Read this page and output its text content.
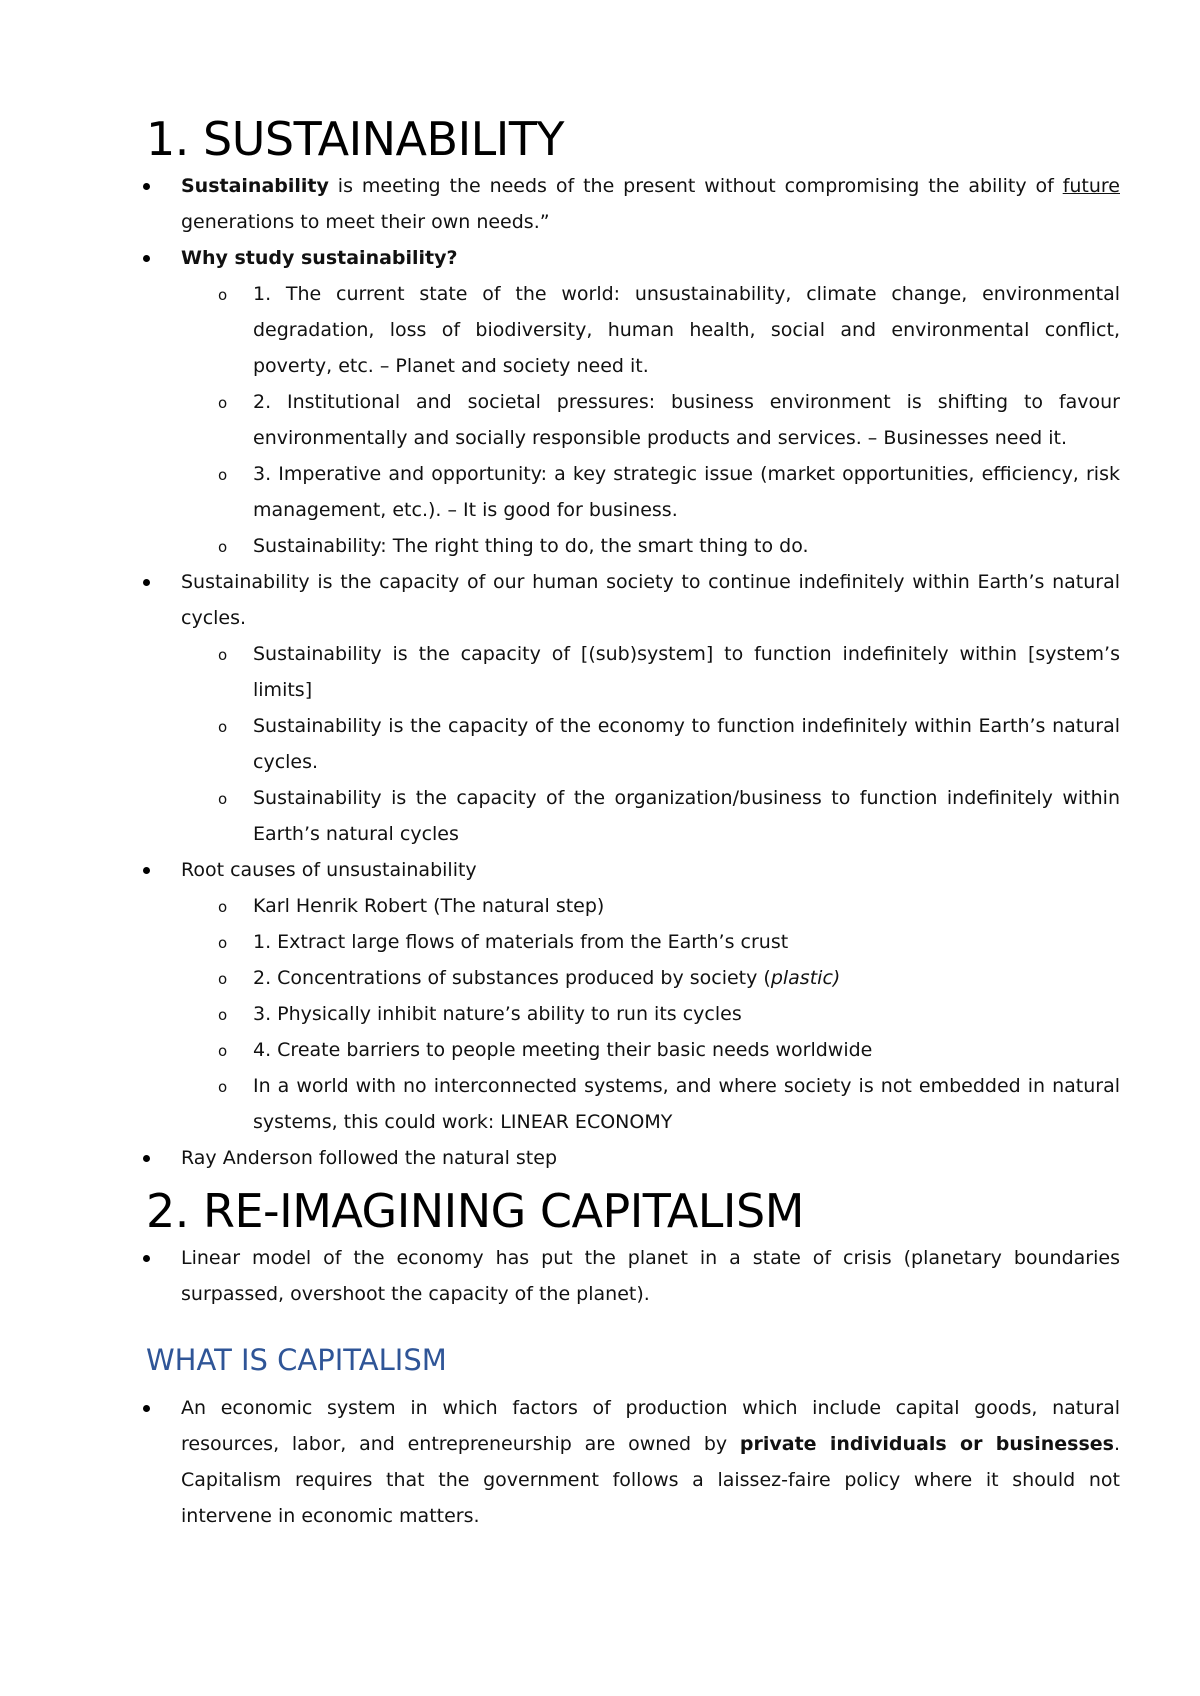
1. SUSTAINABILITY
Sustainability is meeting the needs of the present without compromising the ability of future generations to meet their own needs.”
Why study sustainability?
o 1. The current state of the world: unsustainability, climate change, environmental degradation, loss of biodiversity, human health, social and environmental conflict, poverty, etc. – Planet and society need it.
o 2. Institutional and societal pressures: business environment is shifting to favour environmentally and socially responsible products and services. – Businesses need it.
o 3. Imperative and opportunity: a key strategic issue (market opportunities, efficiency, risk management, etc.). – It is good for business.
o Sustainability: The right thing to do, the smart thing to do.
Sustainability is the capacity of our human society to continue indefinitely within Earth’s natural cycles.
o Sustainability is the capacity of [(sub)system] to function indefinitely within [system’s limits]
o Sustainability is the capacity of the economy to function indefinitely within Earth’s natural cycles.
o Sustainability is the capacity of the organization/business to function indefinitely within Earth’s natural cycles
Root causes of unsustainability
o Karl Henrik Robert (The natural step)
o 1. Extract large flows of materials from the Earth’s crust
o 2. Concentrations of substances produced by society (plastic)
o 3. Physically inhibit nature’s ability to run its cycles
o 4. Create barriers to people meeting their basic needs worldwide
o In a world with no interconnected systems, and where society is not embedded in natural systems, this could work: LINEAR ECONOMY
Ray Anderson followed the natural step
2. RE-IMAGINING CAPITALISM
Linear model of the economy has put the planet in a state of crisis (planetary boundaries surpassed, overshoot the capacity of the planet).
WHAT IS CAPITALISM
An economic system in which factors of production which include capital goods, natural resources, labor, and entrepreneurship are owned by private individuals or businesses. Capitalism requires that the government follows a laissez-faire policy where it should not intervene in economic matters.
